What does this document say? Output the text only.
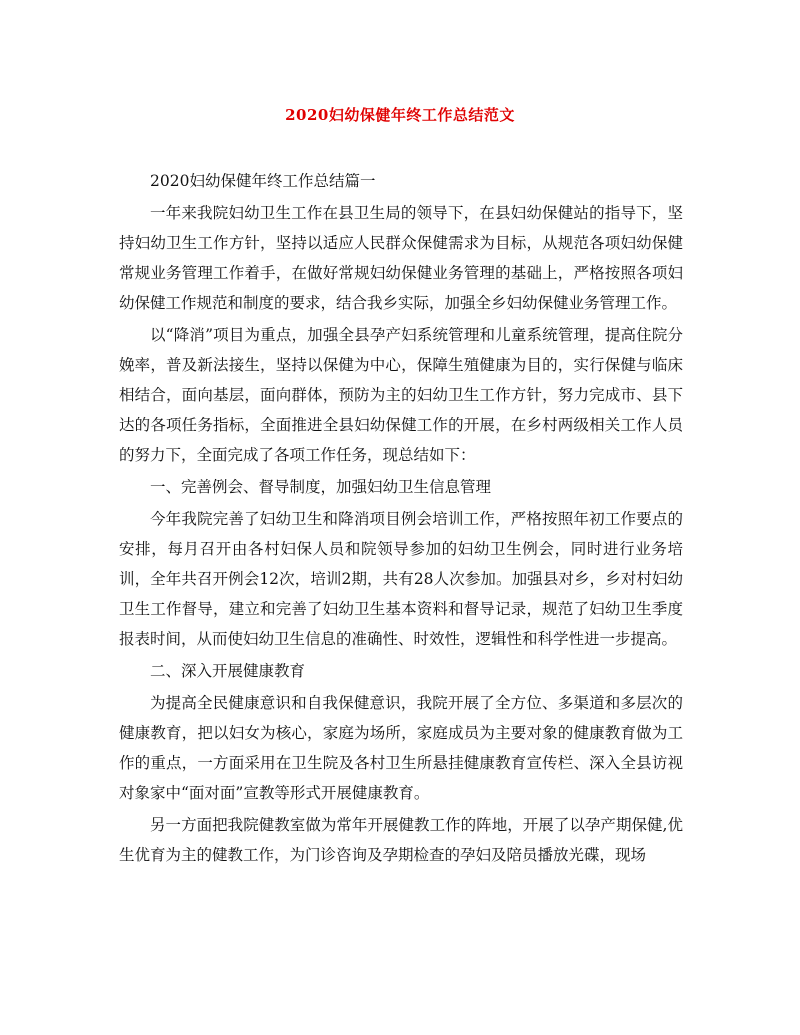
2020妇幼保健年终工作总结范文

2020妇幼保健年终工作总结篇一

一年来我院妇幼卫生工作在县卫生局的领导下，在县妇幼保健站的指导下，坚持妇幼卫生工作方针，坚持以适应人民群众保健需求为目标，从规范各项妇幼保健常规业务管理工作着手，在做好常规妇幼保健业务管理的基础上，严格按照各项妇幼保健工作规范和制度的要求，结合我乡实际，加强全乡妇幼保健业务管理工作。

以“降消”项目为重点，加强全县孕产妇系统管理和儿童系统管理，提高住院分娩率，普及新法接生，坚持以保健为中心，保障生殖健康为目的，实行保健与临床相结合，面向基层，面向群体，预防为主的妇幼卫生工作方针，努力完成市、县下达的各项任务指标，全面推进全县妇幼保健工作的开展，在乡村两级相关工作人员的努力下，全面完成了各项工作任务，现总结如下：

一、完善例会、督导制度，加强妇幼卫生信息管理

今年我院完善了妇幼卫生和降消项目例会培训工作，严格按照年初工作要点的安排，每月召开由各村妇保人员和院领导参加的妇幼卫生例会，同时进行业务培训，全年共召开例会12次，培训2期，共有28人次参加。加强县对乡，乡对村妇幼卫生工作督导，建立和完善了妇幼卫生基本资料和督导记录，规范了妇幼卫生季度报表时间，从而使妇幼卫生信息的准确性、时效性，逻辑性和科学性进一步提高。

二、深入开展健康教育

为提高全民健康意识和自我保健意识，我院开展了全方位、多渠道和多层次的健康教育，把以妇女为核心，家庭为场所，家庭成员为主要对象的健康教育做为工作的重点，一方面采用在卫生院及各村卫生所悬挂健康教育宣传栏、深入全县访视对象家中“面对面”宣教等形式开展健康教育。

另一方面把我院健教室做为常年开展健教工作的阵地，开展了以孕产期保健,优生优育为主的健教工作，为门诊咨询及孕期检查的孕妇及陪员播放光碟，现场
